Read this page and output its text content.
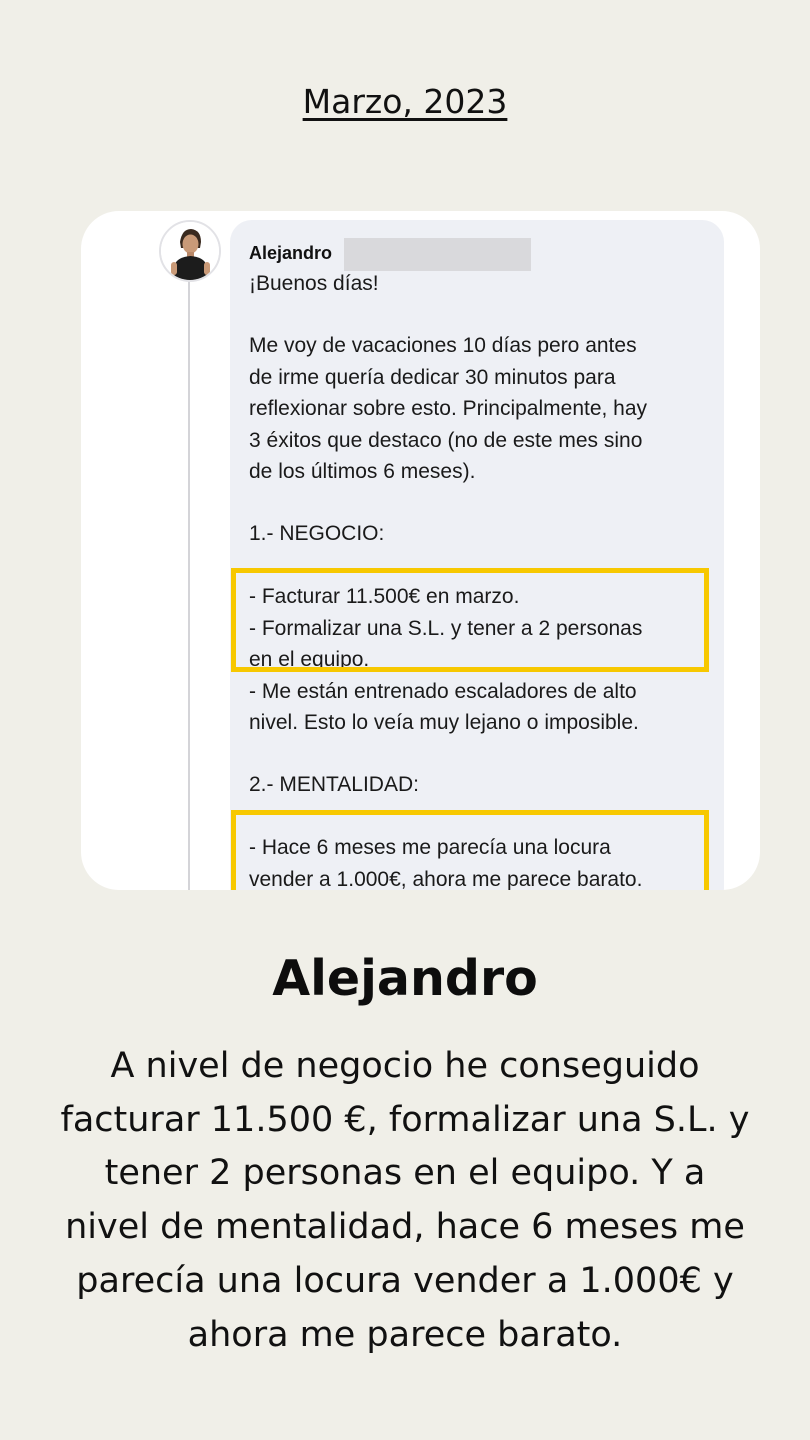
Marzo, 2023
Alejandro
¡Buenos días!
Me voy de vacaciones 10 días pero antes
de irme quería dedicar 30 minutos para
reflexionar sobre esto. Principalmente, hay
3 éxitos que destaco (no de este mes sino
de los últimos 6 meses).
1.- NEGOCIO:
- Facturar 11.500€ en marzo.
- Formalizar una S.L. y tener a 2 personas
en el equipo.
- Me están entrenado escaladores de alto
nivel. Esto lo veía muy lejano o imposible.
2.- MENTALIDAD:
- Hace 6 meses me parecía una locura
vender a 1.000€, ahora me parece barato.
Alejandro
A nivel de negocio he conseguido facturar 11.500 €, formalizar una S.L. y tener 2 personas en el equipo. Y a nivel de mentalidad, hace 6 meses me parecía una locura vender a 1.000€ y ahora me parece barato.
